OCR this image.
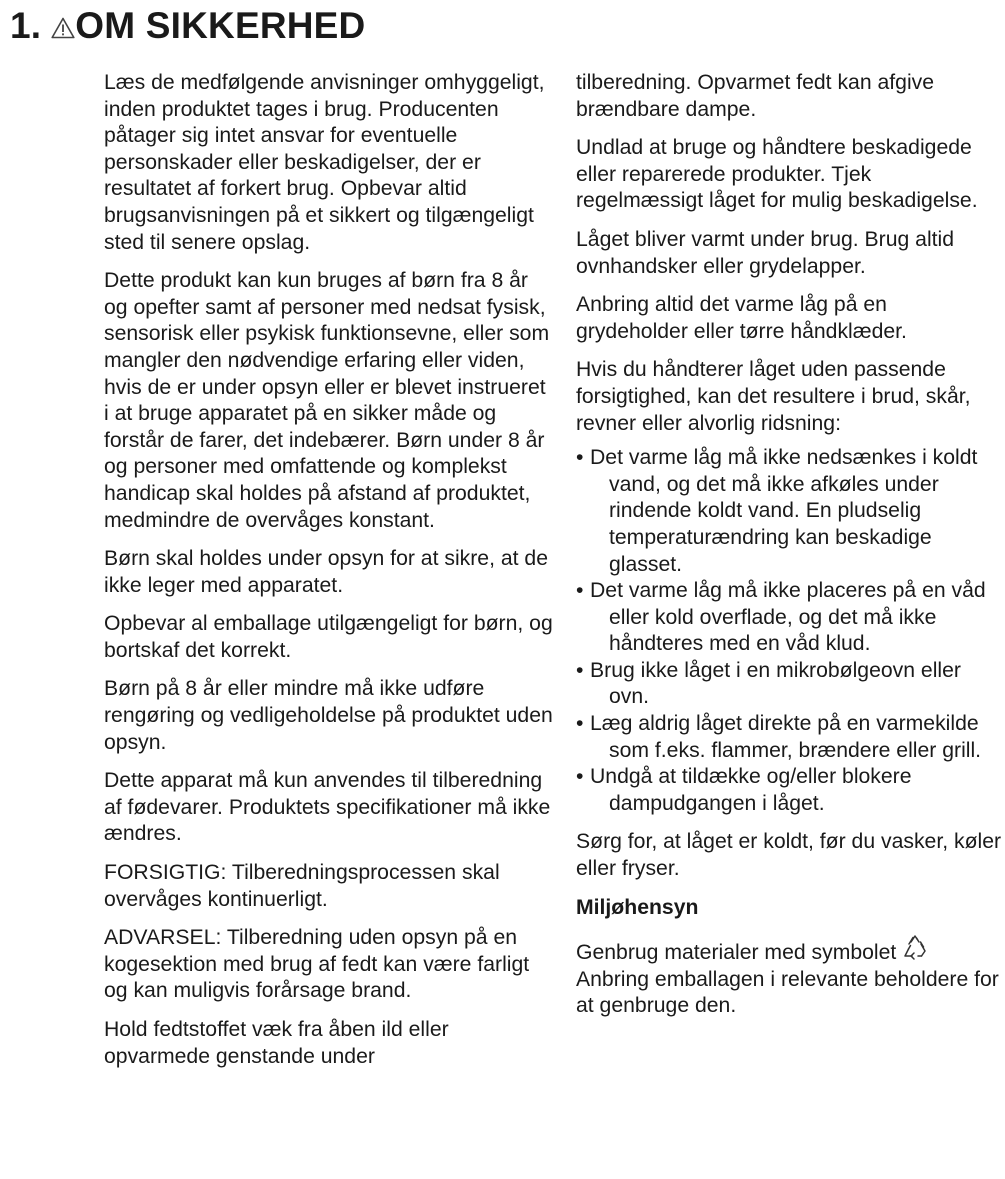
1. OM SIKKERHED

Læs de medfølgende anvisninger omhyggeligt, inden produktet tages i brug. Producenten påtager sig intet ansvar for eventuelle personskader eller beskadigelser, der er resultatet af forkert brug. Opbevar altid brugsanvisningen på et sikkert og tilgængeligt sted til senere opslag.

Dette produkt kan kun bruges af børn fra 8 år og opefter samt af personer med nedsat fysisk, sensorisk eller psykisk funktionsevne, eller som mangler den nødvendige erfaring eller viden, hvis de er under opsyn eller er blevet instrueret i at bruge apparatet på en sikker måde og forstår de farer, det indebærer. Børn under 8 år og personer med omfattende og komplekst handicap skal holdes på afstand af produktet, medmindre de overvåges konstant.

Børn skal holdes under opsyn for at sikre, at de ikke leger med apparatet.

Opbevar al emballage utilgængeligt for børn, og bortskaf det korrekt.

Børn på 8 år eller mindre må ikke udføre rengøring og vedligeholdelse på produktet uden opsyn.

Dette apparat må kun anvendes til tilberedning af fødevarer. Produktets specifikationer må ikke ændres.

FORSIGTIG: Tilberedningsprocessen skal overvåges kontinuerligt.

ADVARSEL: Tilberedning uden opsyn på en kogesektion med brug af fedt kan være farligt og kan muligvis forårsage brand.

Hold fedtstoffet væk fra åben ild eller opvarmede genstande under

tilberedning. Opvarmet fedt kan afgive brændbare dampe.

Undlad at bruge og håndtere beskadigede eller reparerede produkter. Tjek regelmæssigt låget for mulig beskadigelse.

Låget bliver varmt under brug. Brug altid ovnhandsker eller grydelapper.

Anbring altid det varme låg på en grydeholder eller tørre håndklæder.

Hvis du håndterer låget uden passende forsigtighed, kan det resultere i brud, skår, revner eller alvorlig ridsning:

• Det varme låg må ikke nedsænkes i koldt vand, og det må ikke afkøles under rindende koldt vand. En pludselig temperaturændring kan beskadige glasset.
• Det varme låg må ikke placeres på en våd eller kold overflade, og det må ikke håndteres med en våd klud.
• Brug ikke låget i en mikrobølgeovn eller ovn.
• Læg aldrig låget direkte på en varmekilde som f.eks. flammer, brændere eller grill.
• Undgå at tildække og/eller blokere dampudgangen i låget.

Sørg for, at låget er koldt, før du vasker, køler eller fryser.

Miljøhensyn

Genbrug materialer med symbolet
Anbring emballagen i relevante beholdere for at genbruge den.
